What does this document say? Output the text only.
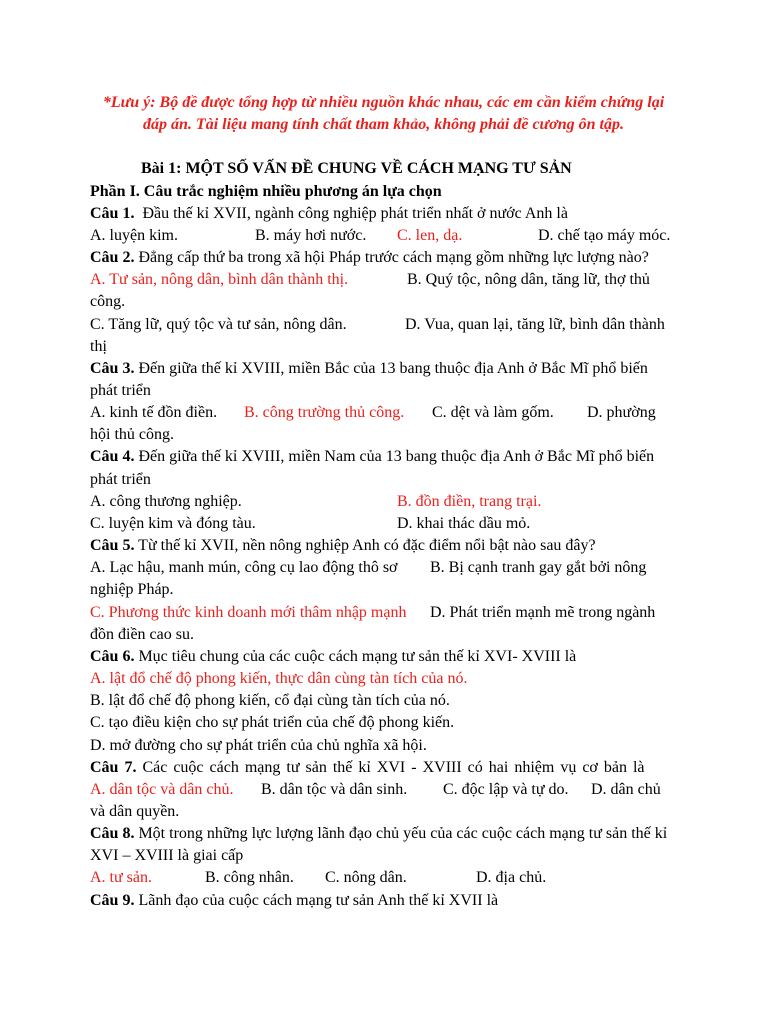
*Lưu ý: Bộ đề được tổng hợp từ nhiều nguồn khác nhau, các em cần kiểm chứng lại
đáp án. Tài liệu mang tính chất tham khảo, không phải đề cương ôn tập.

Bài 1: MỘT SỐ VẤN ĐỀ CHUNG VỀ CÁCH MẠNG TƯ SẢN

Phần I. Câu trắc nghiệm nhiều phương án lựa chọn

Câu 1. Đầu thế kỉ XVII, ngành công nghiệp phát triển nhất ở nước Anh là

A. luyện kim.	B. máy hơi nước. C. len, dạ.	D. chế tạo máy móc.

Câu 2. Đẳng cấp thứ ba trong xã hội Pháp trước cách mạng gồm những lực lượng nào?

A. Tư sản, nông dân, bình dân thành thị.	B. Quý tộc, nông dân, tăng lữ, thợ thủ công.

C. Tăng lữ, quý tộc và tư sản, nông dân.	D. Vua, quan lại, tăng lữ, bình dân thành thị

Câu 3. Đến giữa thế kỉ XVIII, miền Bắc của 13 bang thuộc địa Anh ở Bắc Mĩ phổ biến phát triển

A. kinh tế đồn điền. B. công trường thủ công. C. dệt và làm gốm. D. phường hội thủ công.

Câu 4. Đến giữa thế kỉ XVIII, miền Nam của 13 bang thuộc địa Anh ở Bắc Mĩ phổ biến phát triển

A. công thương nghiệp.	B. đồn điền, trang trại.

C. luyện kim và đóng tàu.	D. khai thác dầu mỏ.

Câu 5. Từ thế kỉ XVII, nền nông nghiệp Anh có đặc điểm nổi bật nào sau đây?

A. Lạc hậu, manh mún, công cụ lao động thô sơ B. Bị cạnh tranh gay gắt bởi nông nghiệp Pháp.

C. Phương thức kinh doanh mới thâm nhập mạnh D. Phát triển mạnh mẽ trong ngành đồn điền cao su.

Câu 6. Mục tiêu chung của các cuộc cách mạng tư sản thế kỉ XVI- XVIII là

A. lật đổ chế độ phong kiến, thực dân cùng tàn tích của nó.

B. lật đổ chế độ phong kiến, cổ đại cùng tàn tích của nó.

C. tạo điều kiện cho sự phát triển của chế độ phong kiến.

D. mở đường cho sự phát triển của chủ nghĩa xã hội.

Câu 7. Các cuộc cách mạng tư sản thế kỉ XVI - XVIII có hai nhiệm vụ cơ bản là

A. dân tộc và dân chủ. B. dân tộc và dân sinh. C. độc lập và tự do. D. dân chủ và dân quyền.

Câu 8. Một trong những lực lượng lãnh đạo chủ yếu của các cuộc cách mạng tư sản thế kỉ XVI – XVIII là giai cấp

A. tư sản.	B. công nhân. C. nông dân.	D. địa chủ.

Câu 9. Lãnh đạo của cuộc cách mạng tư sản Anh thế kỉ XVII là
